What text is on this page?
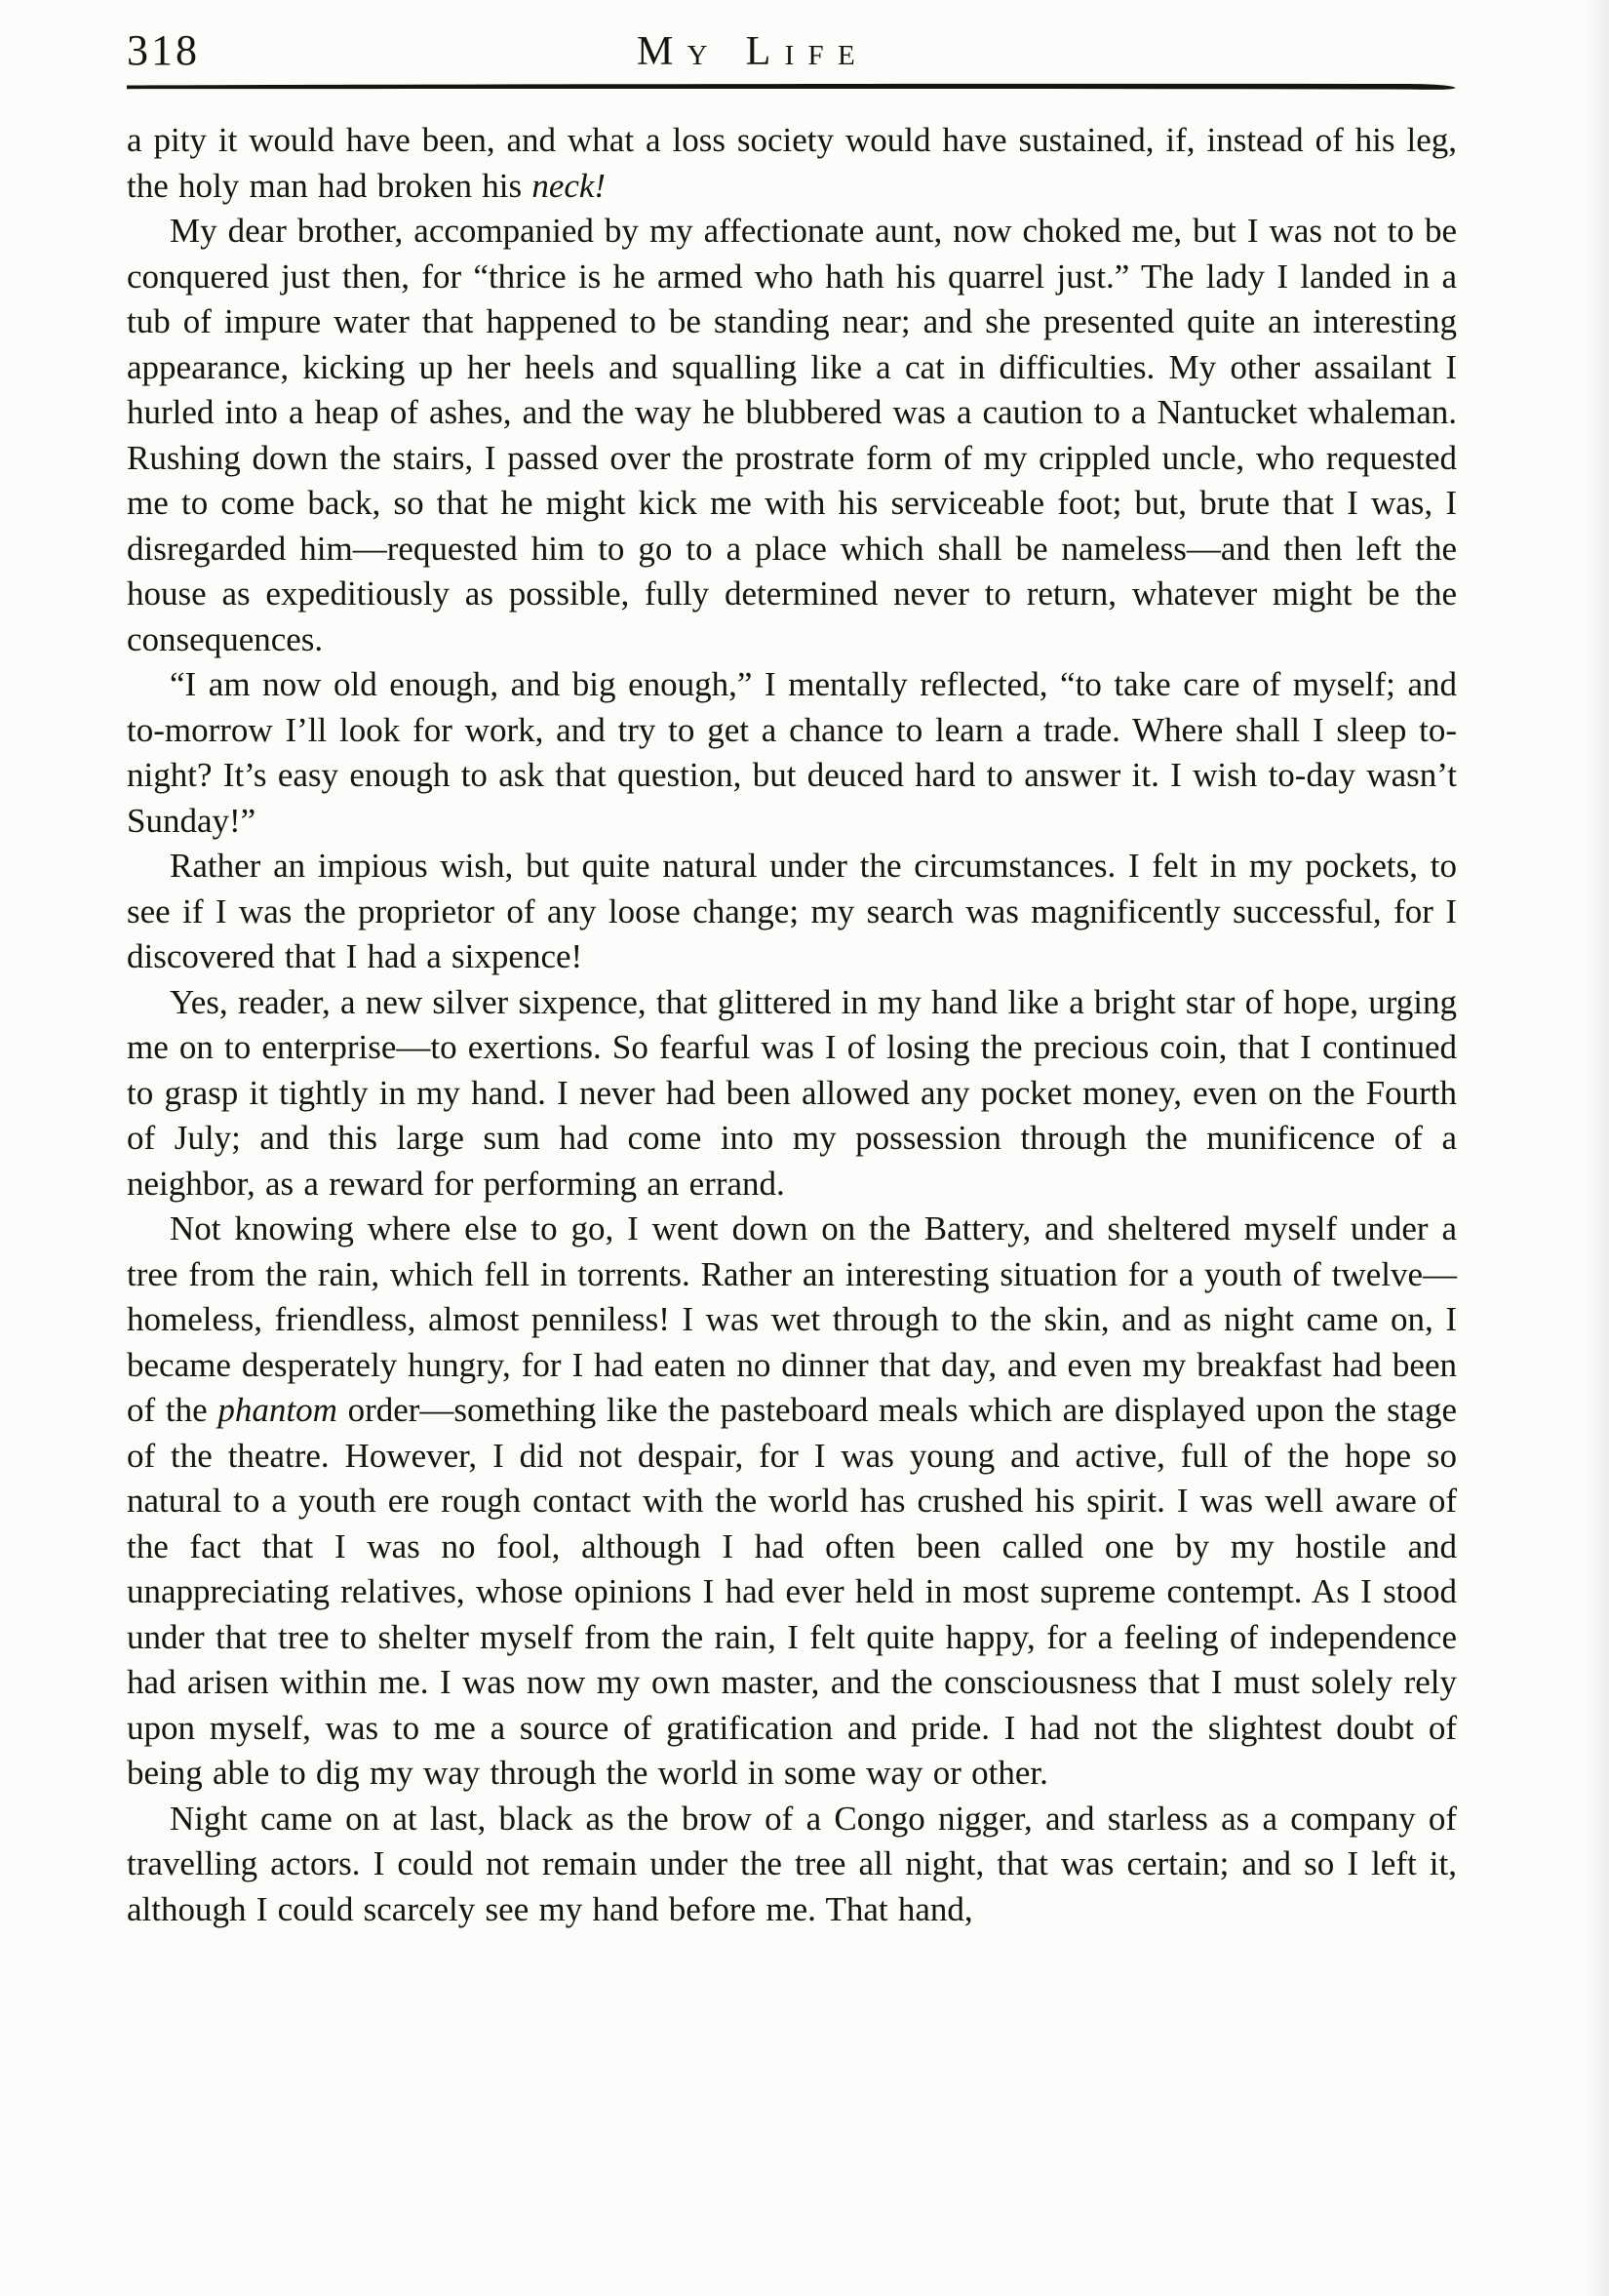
318	My Life

a pity it would have been, and what a loss society would have sustained, if, instead of his leg, the holy man had broken his neck!

My dear brother, accompanied by my affectionate aunt, now choked me, but I was not to be conquered just then, for “thrice is he armed who hath his quarrel just.” The lady I landed in a tub of impure water that happened to be standing near; and she presented quite an interesting appearance, kicking up her heels and squalling like a cat in difficulties. My other assailant I hurled into a heap of ashes, and the way he blubbered was a caution to a Nantucket whaleman. Rushing down the stairs, I passed over the prostrate form of my crippled uncle, who requested me to come back, so that he might kick me with his serviceable foot; but, brute that I was, I disregarded him—requested him to go to a place which shall be nameless—and then left the house as expeditiously as possible, fully determined never to return, whatever might be the consequences.

“I am now old enough, and big enough,” I mentally reflected, “to take care of myself; and to-morrow I’ll look for work, and try to get a chance to learn a trade. Where shall I sleep to-night? It’s easy enough to ask that question, but deuced hard to answer it. I wish to-day wasn’t Sunday!”

Rather an impious wish, but quite natural under the circumstances. I felt in my pockets, to see if I was the proprietor of any loose change; my search was magnificently successful, for I discovered that I had a sixpence!

Yes, reader, a new silver sixpence, that glittered in my hand like a bright star of hope, urging me on to enterprise—to exertions. So fearful was I of losing the precious coin, that I continued to grasp it tightly in my hand. I never had been allowed any pocket money, even on the Fourth of July; and this large sum had come into my possession through the munificence of a neighbor, as a reward for performing an errand.

Not knowing where else to go, I went down on the Battery, and sheltered myself under a tree from the rain, which fell in torrents. Rather an interesting situation for a youth of twelve—homeless, friendless, almost penniless! I was wet through to the skin, and as night came on, I became desperately hungry, for I had eaten no dinner that day, and even my breakfast had been of the phantom order—something like the pasteboard meals which are displayed upon the stage of the theatre. However, I did not despair, for I was young and active, full of the hope so natural to a youth ere rough contact with the world has crushed his spirit. I was well aware of the fact that I was no fool, although I had often been called one by my hostile and unappreciating relatives, whose opinions I had ever held in most supreme contempt. As I stood under that tree to shelter myself from the rain, I felt quite happy, for a feeling of independence had arisen within me. I was now my own master, and the consciousness that I must solely rely upon myself, was to me a source of gratification and pride. I had not the slightest doubt of being able to dig my way through the world in some way or other.

Night came on at last, black as the brow of a Congo nigger, and starless as a company of travelling actors. I could not remain under the tree all night, that was certain; and so I left it, although I could scarcely see my hand before me. That hand,
